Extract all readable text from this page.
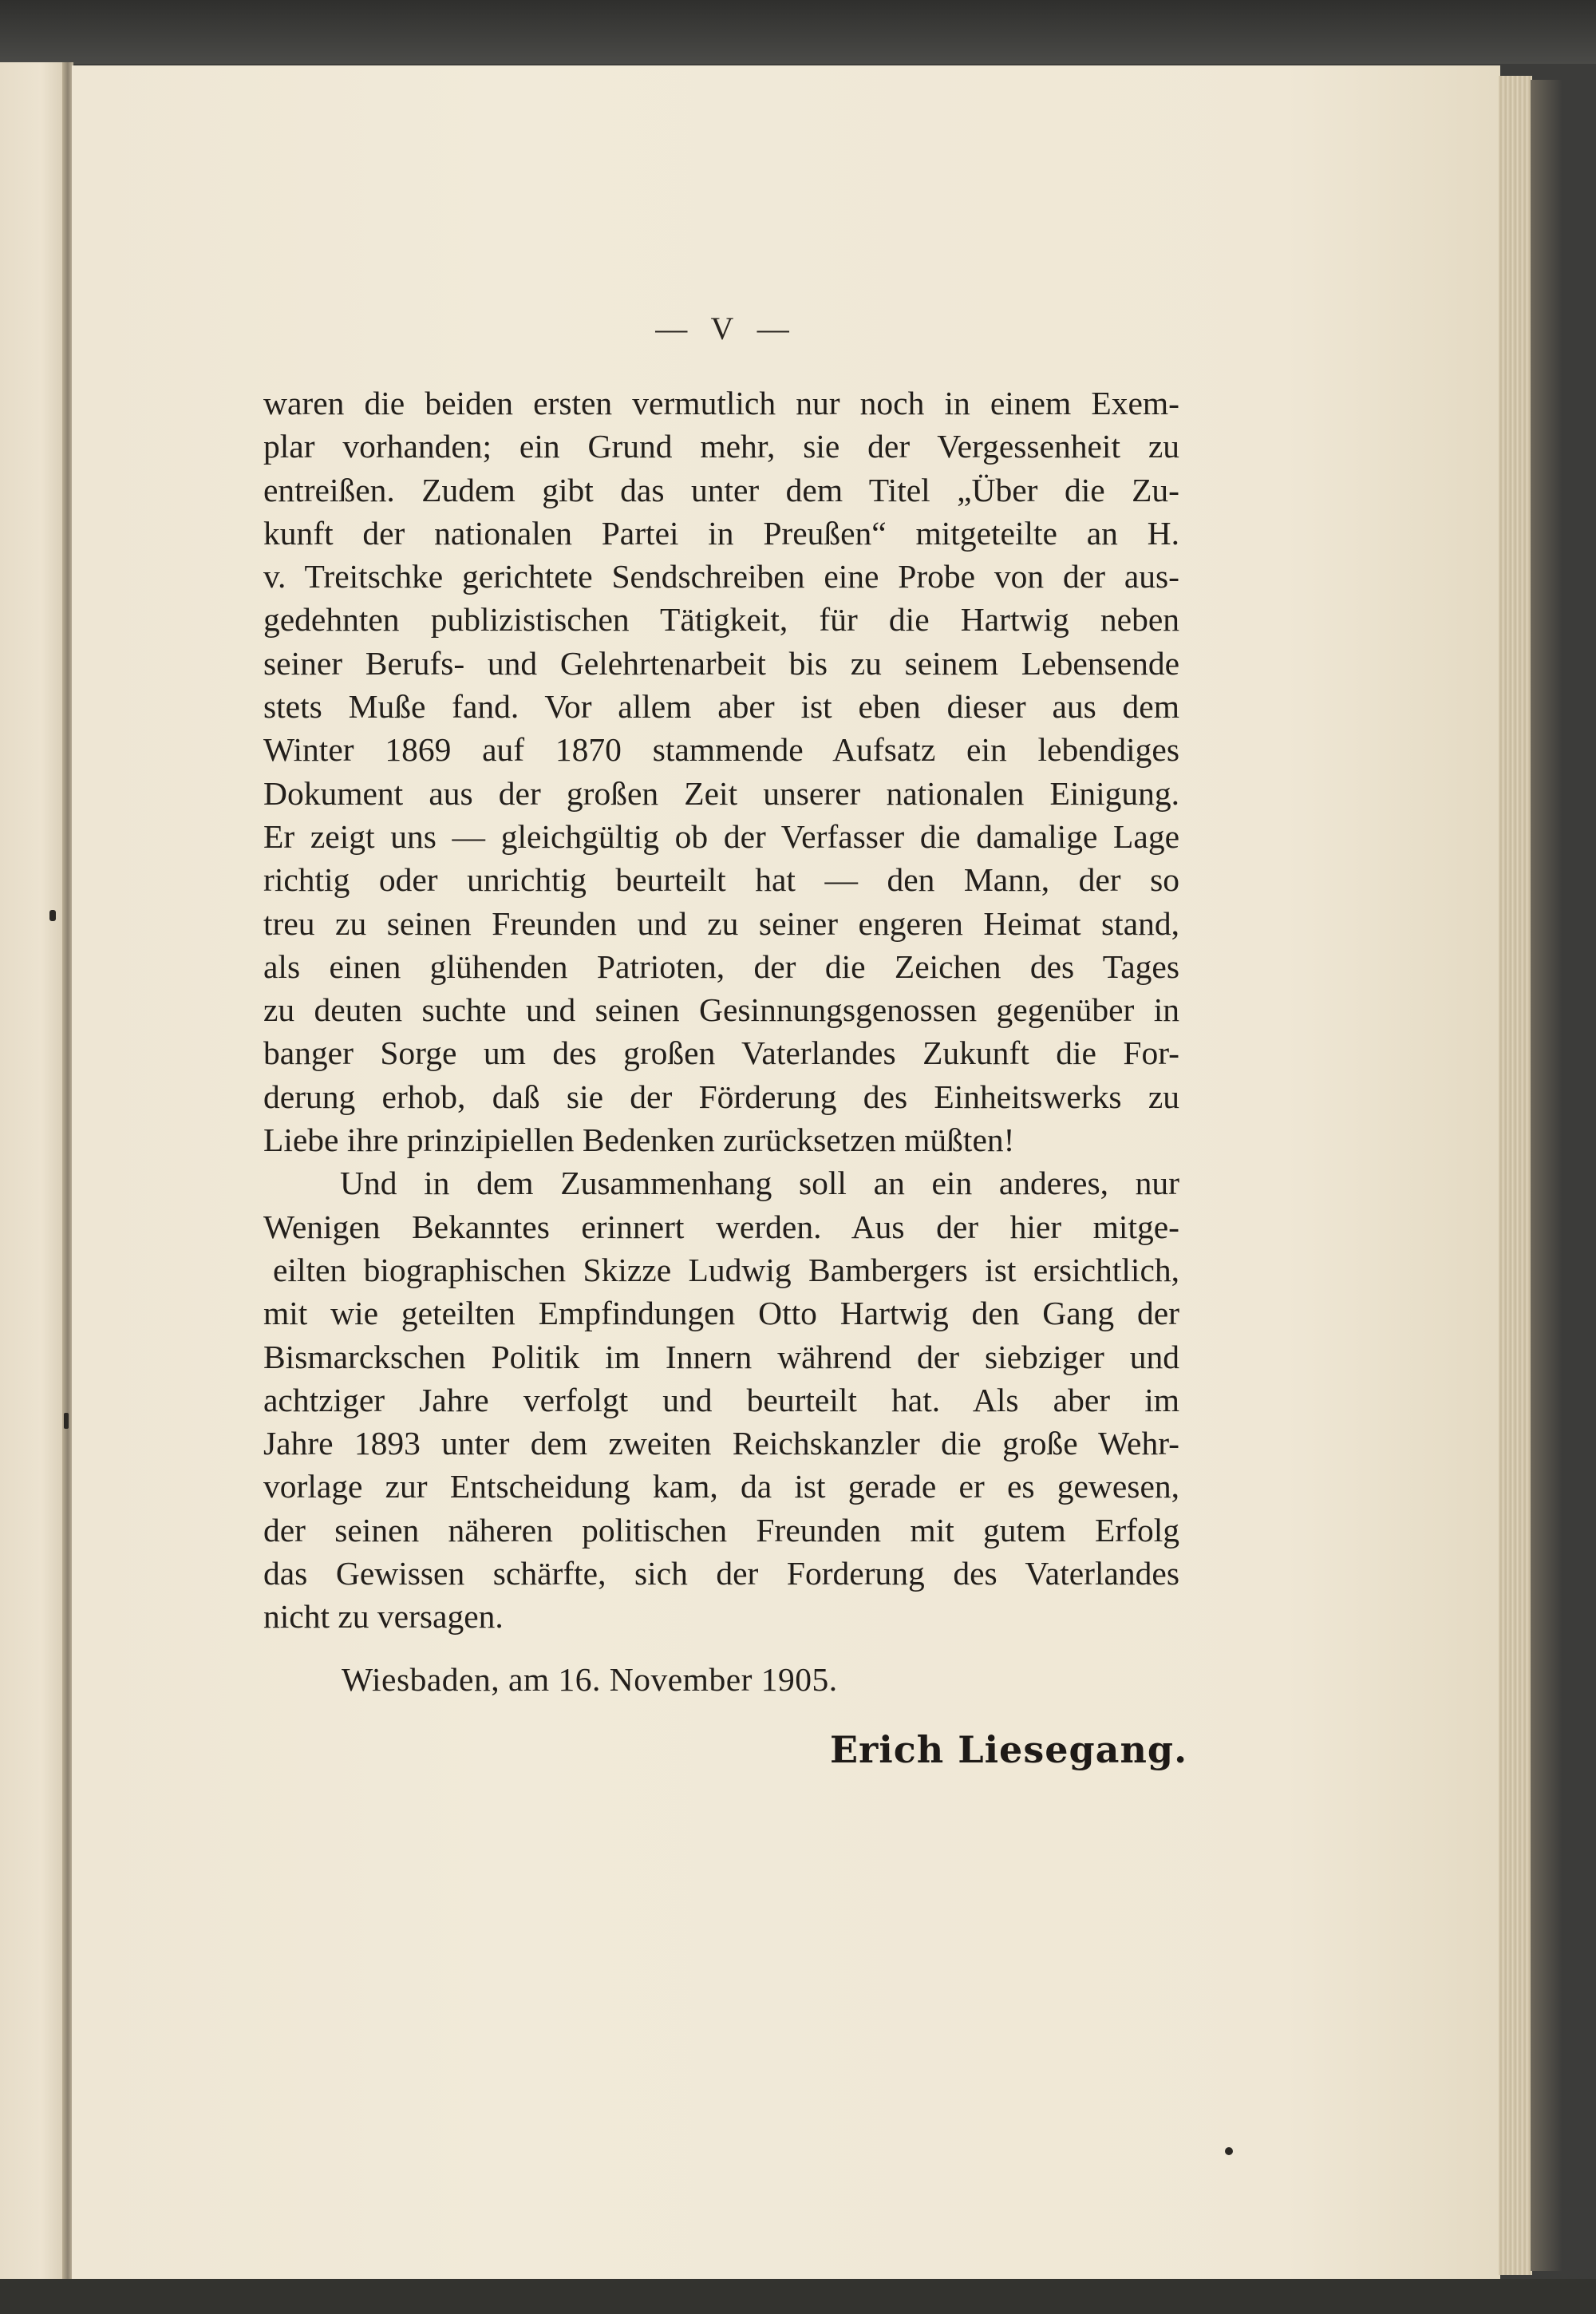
— V —
waren die beiden ersten vermutlich nur noch in einem Exem-
plar vorhanden; ein Grund mehr, sie der Vergessenheit zu
entreißen. Zudem gibt das unter dem Titel „Über die Zu-
kunft der nationalen Partei in Preußen“ mitgeteilte an H.
v. Treitschke gerichtete Sendschreiben eine Probe von der aus-
gedehnten publizistischen Tätigkeit, für die Hartwig neben
seiner Berufs- und Gelehrtenarbeit bis zu seinem Lebensende
stets Muße fand. Vor allem aber ist eben dieser aus dem
Winter 1869 auf 1870 stammende Aufsatz ein lebendiges
Dokument aus der großen Zeit unserer nationalen Einigung.
Er zeigt uns — gleichgültig ob der Verfasser die damalige Lage
richtig oder unrichtig beurteilt hat — den Mann, der so
treu zu seinen Freunden und zu seiner engeren Heimat stand,
als einen glühenden Patrioten, der die Zeichen des Tages
zu deuten suchte und seinen Gesinnungsgenossen gegenüber in
banger Sorge um des großen Vaterlandes Zukunft die For-
derung erhob, daß sie der Förderung des Einheitswerks zu
Liebe ihre prinzipiellen Bedenken zurücksetzen müßten!
Und in dem Zusammenhang soll an ein anderes, nur
Wenigen Bekanntes erinnert werden. Aus der hier mitge-
eilten biographischen Skizze Ludwig Bambergers ist ersichtlich,
mit wie geteilten Empfindungen Otto Hartwig den Gang der
Bismarckschen Politik im Innern während der siebziger und
achtziger Jahre verfolgt und beurteilt hat. Als aber im
Jahre 1893 unter dem zweiten Reichskanzler die große Wehr-
vorlage zur Entscheidung kam, da ist gerade er es gewesen,
der seinen näheren politischen Freunden mit gutem Erfolg
das Gewissen schärfte, sich der Forderung des Vaterlandes
nicht zu versagen.
Wiesbaden, am 16. November 1905.
Erich Liesegang.
